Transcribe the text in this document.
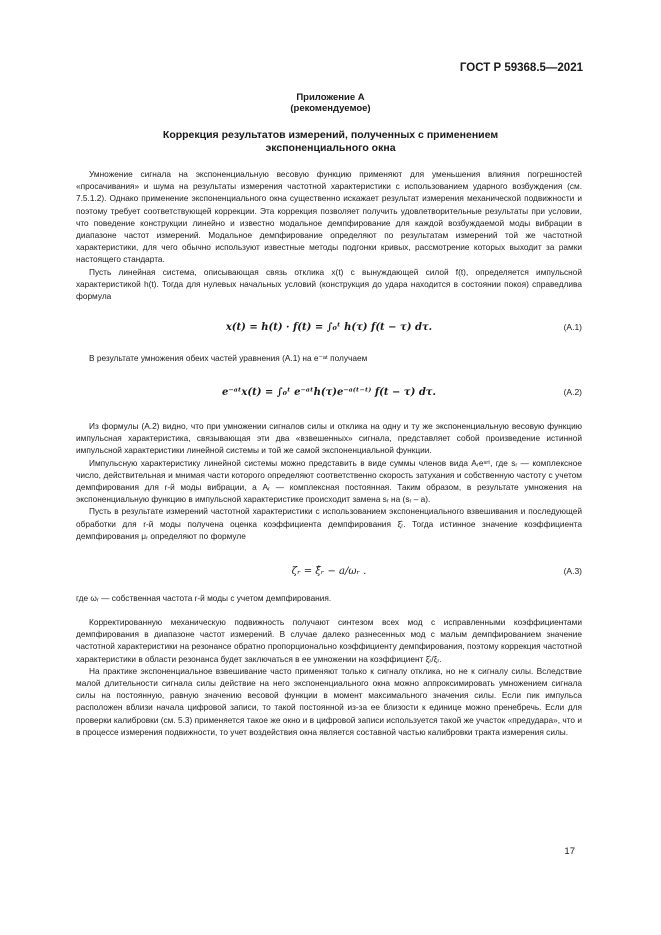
ГОСТ Р 59368.5—2021
Приложение А
(рекомендуемое)
Коррекция результатов измерений, полученных с применением
экспоненциального окна

Умножение сигнала на экспоненциальную весовую функцию применяют для уменьшения влияния погрешностей «просачивания» и шума на результаты измерения частотной характеристики с использованием ударного возбуждения (см. 7.5.1.2). Однако применение экспоненциального окна существенно искажает результат измерения механической подвижности и поэтому требует соответствующей коррекции. Эта коррекция позволяет получить удовлетворительные результаты при условии, что поведение конструкции линейно и известно модальное демпфирование для каждой возбуждаемой моды вибрации в диапазоне частот измерений. Модальное демпфирование определяют по результатам измерений той же частотной характеристики, для чего обычно используют известные методы подгонки кривых, рассмотрение которых выходит за рамки настоящего стандарта.

Пусть линейная система, описывающая связь отклика x(t) с вынуждающей силой f(t), определяется импульсной характеристикой h(t). Тогда для нулевых начальных условий (конструкция до удара находится в состоянии покоя) справедлива формула

x(t) = h(t) · f(t) = ∫₀ᵗ h(τ) f(t − τ) dτ.	(А.1)

В результате умножения обеих частей уравнения (А.1) на e⁻ᵃᵗ получаем

e⁻ᵃᵗx(t) = ∫₀ᵗ e⁻ᵃᵗh(τ)e⁻ᵃ⁽ᵗ⁻ᵗ⁾ f(t − τ) dτ.	(А.2)

Из формулы (А.2) видно, что при умножении сигналов силы и отклика на одну и ту же экспоненциальную весовую функцию импульсная характеристика, связывающая эти два «взвешенных» сигнала, представляет собой произведение истинной импульсной характеристики линейной системы и той же самой экспоненциальной функции.

Импульсную характеристику линейной системы можно представить в виде суммы членов вида Aᵣeˢʳᵗ, где sᵣ — комплексное число, действительная и мнимая части которого определяют соответственно скорость затухания и собственную частоту с учетом демпфирования для r-й моды вибрации, а Aᵣ — комплексная постоянная. Таким образом, в результате умножения на экспоненциальную функцию в импульсной характеристике происходит замена sᵣ на (sᵣ – a).

Пусть в результате измерений частотной характеристики с использованием экспоненциального взвешивания и последующей обработки для r-й моды получена оценка коэффициента демпфирования ξ̂ᵣ. Тогда истинное значение коэффициента демпфирования μᵣ определяют по формуле

ζᵣ = ξ̂ᵣ − a/ωᵣ .	(А.3)

где ωᵣ — собственная частота r-й моды с учетом демпфирования.

Корректированную механическую подвижность получают синтезом всех мод с исправленными коэффициентами демпфирования в диапазоне частот измерений. В случае далеко разнесенных мод с малым демпфированием значение частотной характеристики на резонансе обратно пропорционально коэффициенту демпфирования, поэтому коррекция частотной характеристики в области резонанса будет заключаться в ее умножении на коэффициент ξ̂ᵣ/ξᵣ.

На практике экспоненциальное взвешивание часто применяют только к сигналу отклика, но не к сигналу силы. Вследствие малой длительности сигнала силы действие на него экспоненциального окна можно аппроксимировать умножением сигнала силы на постоянную, равную значению весовой функции в момент максимального значения силы. Если пик импульса расположен вблизи начала цифровой записи, то такой постоянной из-за ее близости к единице можно пренебречь. Если для проверки калибровки (см. 5.3) применяется такое же окно и в цифровой записи используется такой же участок «предудара», что и в процессе измерения подвижности, то учет воздействия окна является составной частью калибровки тракта измерения силы.

17
